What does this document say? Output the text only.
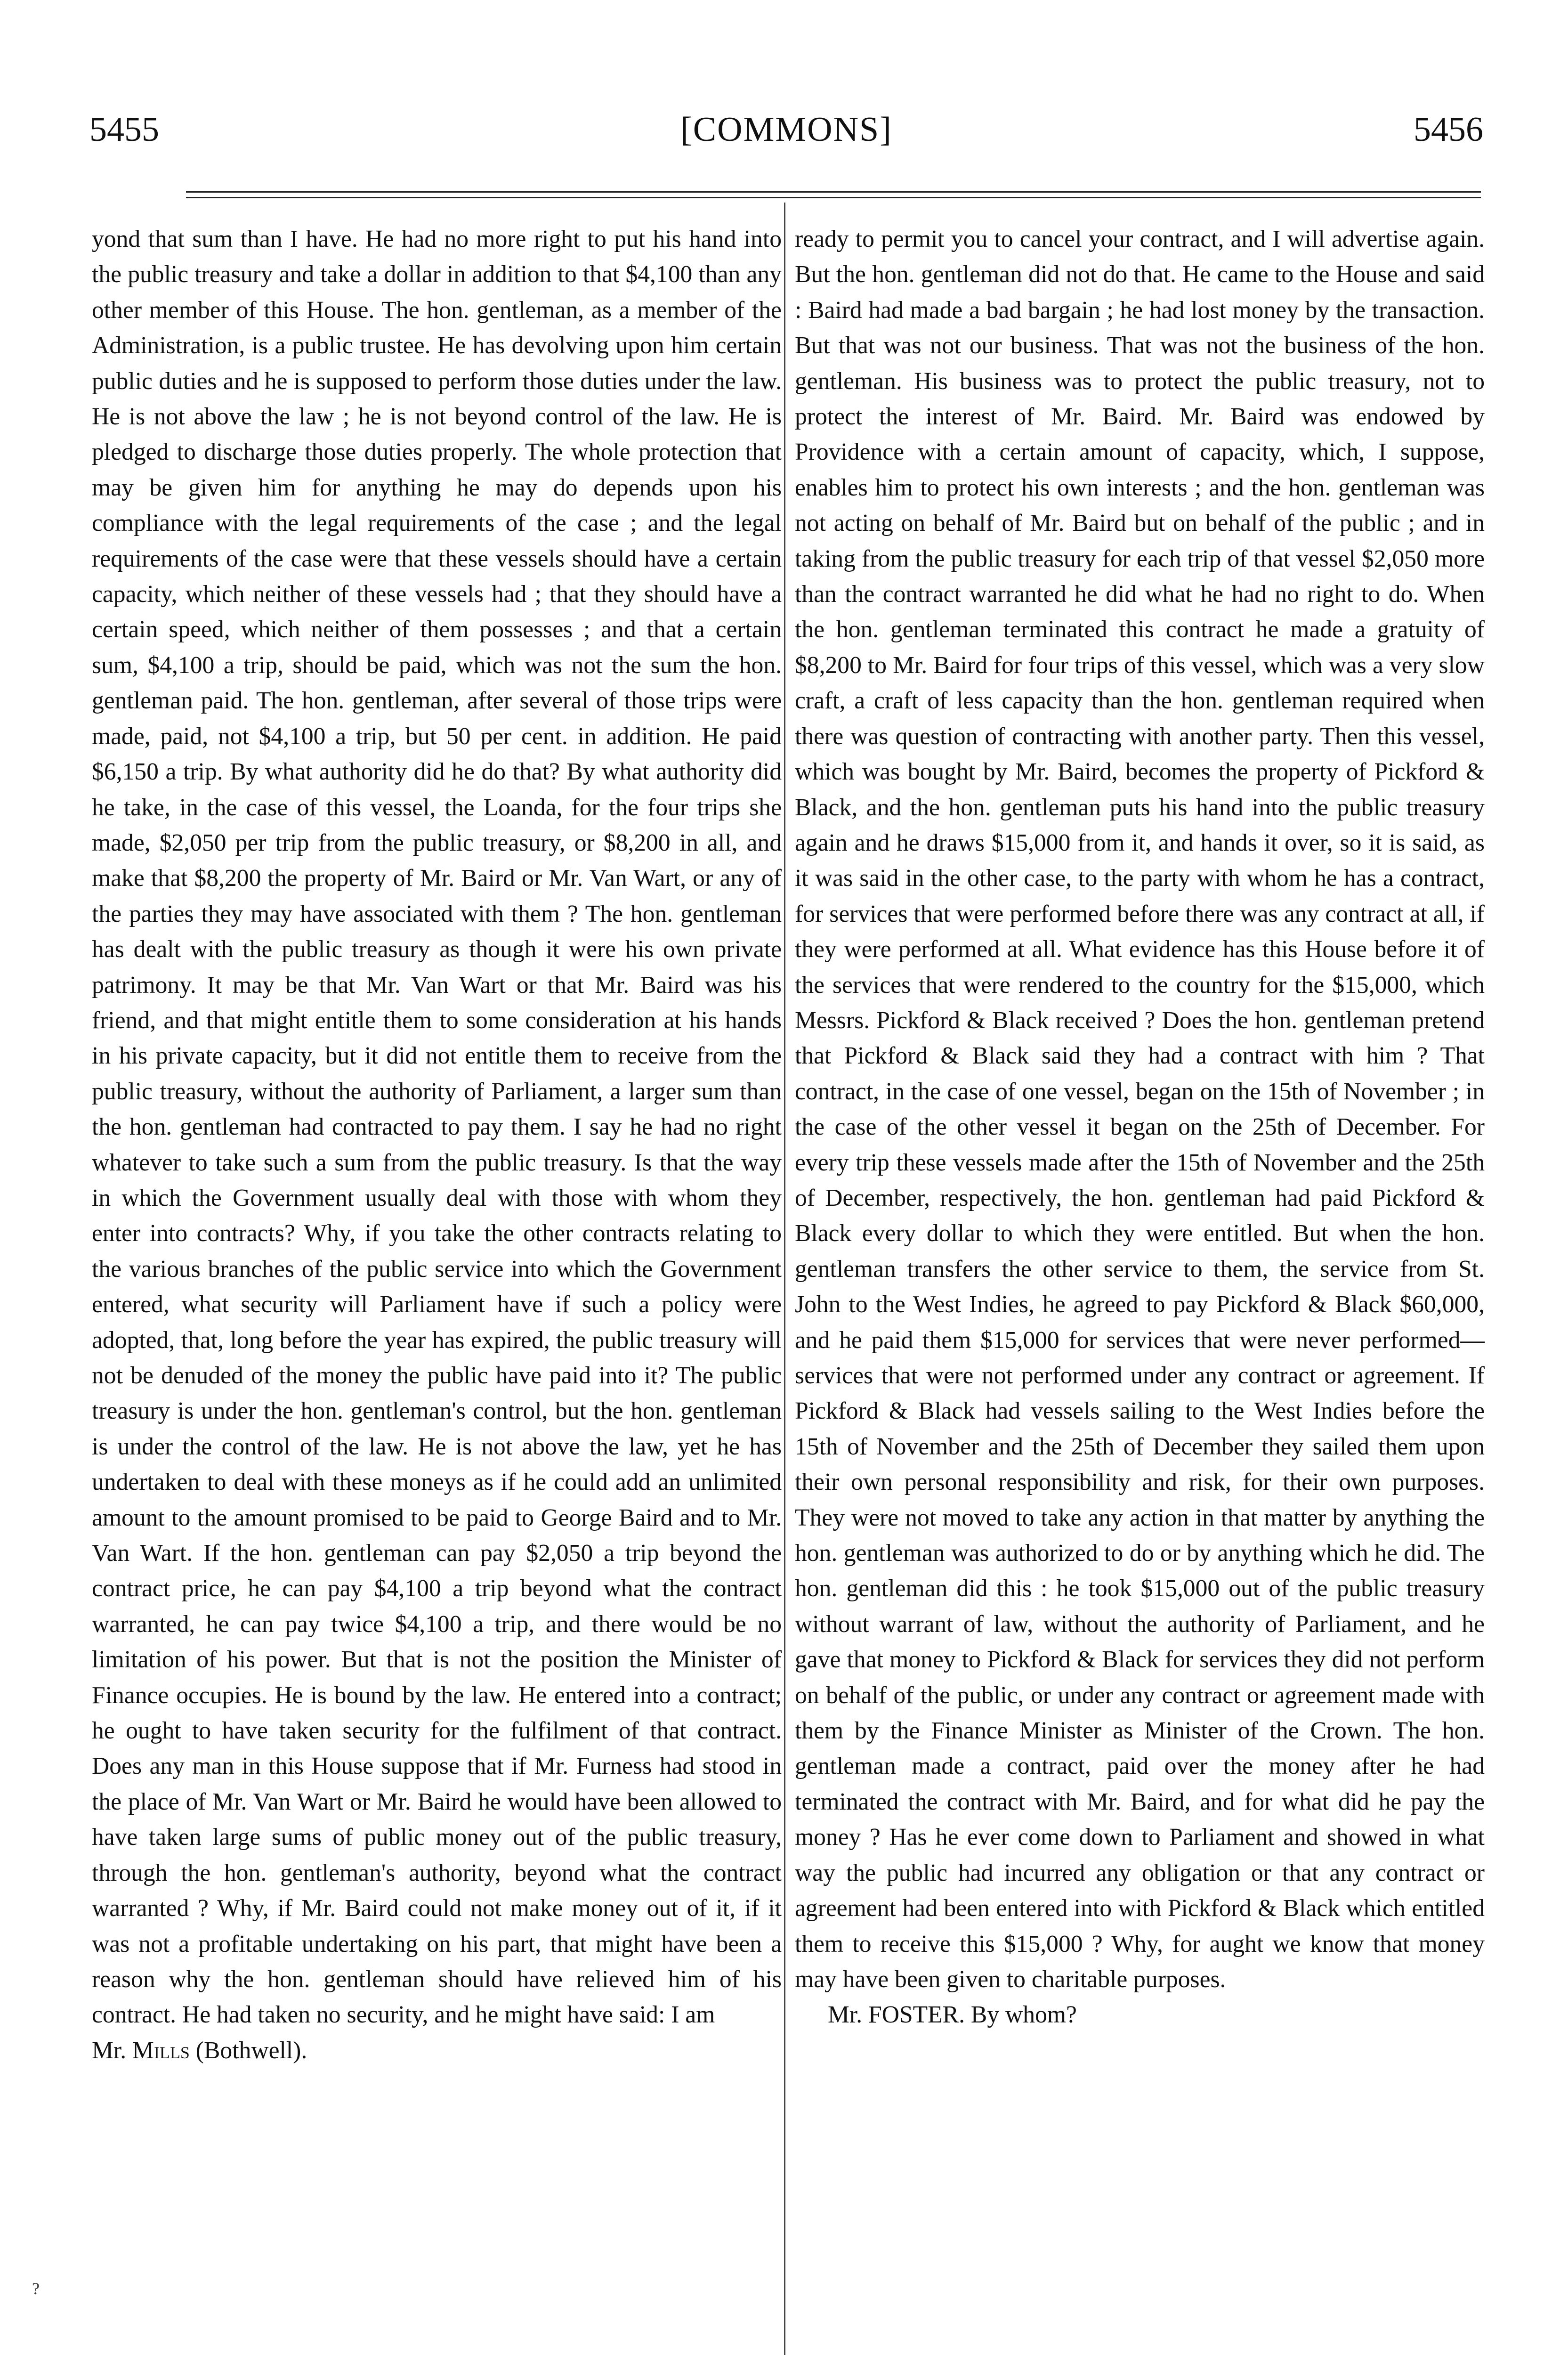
5455	[COMMONS]	5456

yond that sum than I have. He had no more right to put his hand into the public treasury and take a dollar in addition to that $4,100 than any other member of this House. The hon. gentleman, as a member of the Administration, is a public trustee. He has devolving upon him certain public duties and he is supposed to perform those duties under the law. He is not above the law ; he is not beyond control of the law. He is pledged to discharge those duties properly. The whole protection that may be given him for anything he may do depends upon his compliance with the legal requirements of the case ; and the legal requirements of the case were that these vessels should have a certain capacity, which neither of these vessels had ; that they should have a certain speed, which neither of them possesses ; and that a certain sum, $4,100 a trip, should be paid, which was not the sum the hon. gentleman paid. The hon. gentleman, after several of those trips were made, paid, not $4,100 a trip, but 50 per cent. in addition. He paid $6,150 a trip. By what authority did he do that? By what authority did he take, in the case of this vessel, the Loanda, for the four trips she made, $2,050 per trip from the public treasury, or $8,200 in all, and make that $8,200 the property of Mr. Baird or Mr. Van Wart, or any of the parties they may have associated with them ? The hon. gentleman has dealt with the public treasury as though it were his own private patrimony. It may be that Mr. Van Wart or that Mr. Baird was his friend, and that might entitle them to some consideration at his hands in his private capacity, but it did not entitle them to receive from the public treasury, without the authority of Parliament, a larger sum than the hon. gentleman had contracted to pay them. I say he had no right whatever to take such a sum from the public treasury. Is that the way in which the Government usually deal with those with whom they enter into contracts? Why, if you take the other contracts relating to the various branches of the public service into which the Government entered, what security will Parliament have if such a policy were adopted, that, long before the year has expired, the public treasury will not be denuded of the money the public have paid into it? The public treasury is under the hon. gentleman's control, but the hon. gentleman is under the control of the law. He is not above the law, yet he has undertaken to deal with these moneys as if he could add an unlimited amount to the amount promised to be paid to George Baird and to Mr. Van Wart. If the hon. gentleman can pay $2,050 a trip beyond the contract price, he can pay $4,100 a trip beyond what the contract warranted, he can pay twice $4,100 a trip, and there would be no limitation of his power. But that is not the position the Minister of Finance occupies. He is bound by the law. He entered into a contract; he ought to have taken security for the fulfilment of that contract. Does any man in this House suppose that if Mr. Furness had stood in the place of Mr. Van Wart or Mr. Baird he would have been allowed to have taken large sums of public money out of the public treasury, through the hon. gentleman's authority, beyond what the contract warranted ? Why, if Mr. Baird could not make money out of it, if it was not a profitable undertaking on his part, that might have been a reason why the hon. gentleman should have relieved him of his contract. He had taken no security, and he might have said: I am

Mr. Mills (Bothwell).

ready to permit you to cancel your contract, and I will advertise again. But the hon. gentleman did not do that. He came to the House and said : Baird had made a bad bargain ; he had lost money by the transaction. But that was not our business. That was not the business of the hon. gentleman. His business was to protect the public treasury, not to protect the interest of Mr. Baird. Mr. Baird was endowed by Providence with a certain amount of capacity, which, I suppose, enables him to protect his own interests ; and the hon. gentleman was not acting on behalf of Mr. Baird but on behalf of the public ; and in taking from the public treasury for each trip of that vessel $2,050 more than the contract warranted he did what he had no right to do. When the hon. gentleman terminated this contract he made a gratuity of $8,200 to Mr. Baird for four trips of this vessel, which was a very slow craft, a craft of less capacity than the hon. gentleman required when there was question of contracting with another party. Then this vessel, which was bought by Mr. Baird, becomes the property of Pickford & Black, and the hon. gentleman puts his hand into the public treasury again and he draws $15,000 from it, and hands it over, so it is said, as it was said in the other case, to the party with whom he has a contract, for services that were performed before there was any contract at all, if they were performed at all. What evidence has this House before it of the services that were rendered to the country for the $15,000, which Messrs. Pickford & Black received ? Does the hon. gentleman pretend that Pickford & Black said they had a contract with him ? That contract, in the case of one vessel, began on the 15th of November ; in the case of the other vessel it began on the 25th of December. For every trip these vessels made after the 15th of November and the 25th of December, respectively, the hon. gentleman had paid Pickford & Black every dollar to which they were entitled. But when the hon. gentleman transfers the other service to them, the service from St. John to the West Indies, he agreed to pay Pickford & Black $60,000, and he paid them $15,000 for services that were never performed—services that were not performed under any contract or agreement. If Pickford & Black had vessels sailing to the West Indies before the 15th of November and the 25th of December they sailed them upon their own personal responsibility and risk, for their own purposes. They were not moved to take any action in that matter by anything the hon. gentleman was authorized to do or by anything which he did. The hon. gentleman did this : he took $15,000 out of the public treasury without warrant of law, without the authority of Parliament, and he gave that money to Pickford & Black for services they did not perform on behalf of the public, or under any contract or agreement made with them by the Finance Minister as Minister of the Crown. The hon. gentleman made a contract, paid over the money after he had terminated the contract with Mr. Baird, and for what did he pay the money ? Has he ever come down to Parliament and showed in what way the public had incurred any obligation or that any contract or agreement had been entered into with Pickford & Black which entitled them to receive this $15,000 ? Why, for aught we know that money may have been given to charitable purposes.

Mr. FOSTER. By whom?

?
